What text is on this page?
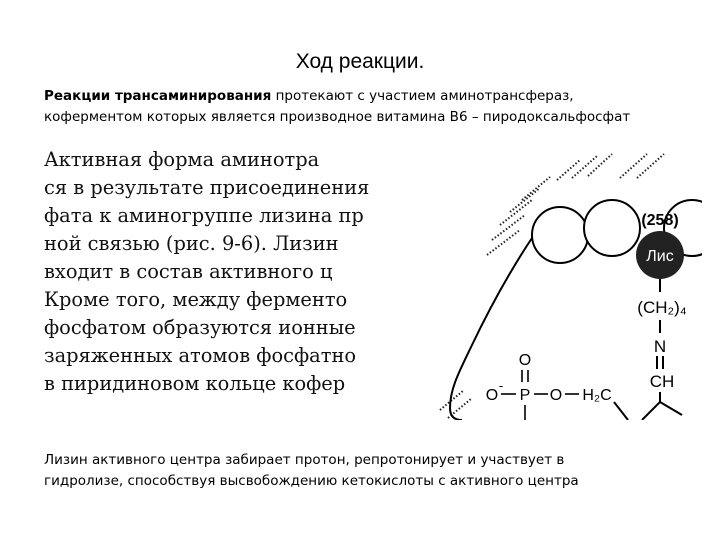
Ход реакции.
Реакции трансаминирования протекают с участием аминотрансфераз,
коферментом которых является производное витамина В6 – пиродоксальфосфат
Активная форма аминотра
ся в результате присоединения
фата к аминогруппе лизина пр
ной связью (рис. 9-6). Лизин
входит в состав активного ц
Кроме того, между ферменто
фосфатом образуются ионные
заряженных атомов фосфатно
в пиридиновом кольце кофер
Лис
(258)
(CH₂)₄
N
CH
O
O
-
P O H₂C
Лизин активного центра забирает протон, репротонирует и участвует в
гидролизе, способствуя высвобождению кетокислоты с активного центра
